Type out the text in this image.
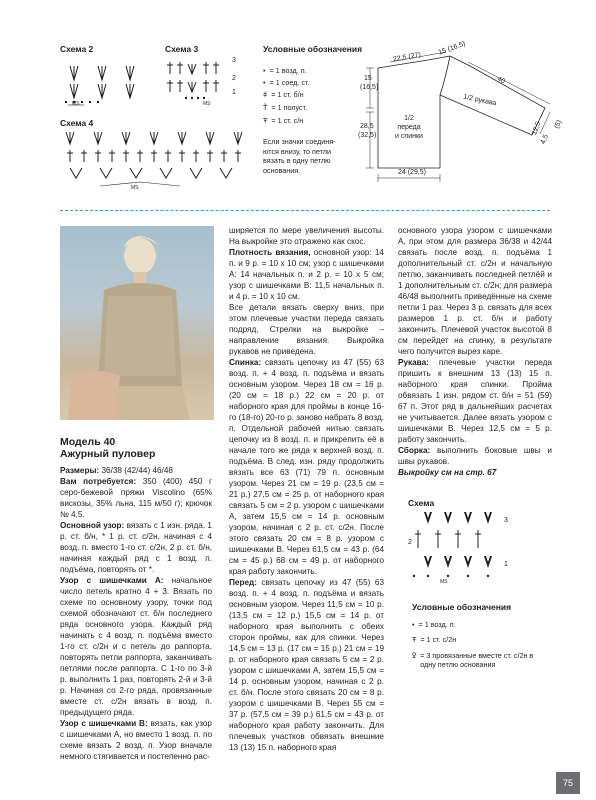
Схема 2	Схема 3
Схема 4
MS
3
2
1
MS
MS
Условные обозначения
• = 1 возд. п.
• = 1 соед. ст.
ǂ = 1 ст. б/н
Ť = 1 полуст.
Ŧ = 1 ст. с/н
Если значки соединя-ются внизу, то петли вязать в одну петлю основания.
15 (16,5)
22,5 (27)
40
15
(16,5)
28,5
(32,5)	12,5
4,5
(5)
1/2 рукава
1/2
переда
и спинки
24 (29,5)
Модель 40
Ажурный пуловер

Размеры: 36/38 (42/44) 46/48

Вам потребуется: 350 (400) 450 г серо-бежевой пряжи Viscolino (65% вискозы, 35% льна, 115 м/50 г); крючок № 4,5.

Основной узор: вязать с 1 изн. ряда. 1 р. ст. б/н, * 1 р. ст. с/2н, начиная с 4 возд. п. вместо 1-го ст. с/2н, 2 р. ст. б/н, начиная каждый ряд с 1 возд. п. подъёма, повторять от *.

Узор с шишечками А: начальное число петель кратно 4 + 3. Вязать по схеме по основному узору, точки под схемой обозначают ст. б/н последнего ряда основного узора. Каждый ряд начинать с 4 возд. п. подъёма вместо 1-го ст. с/2н и с петель до раппорта, повторять петли раппорта, заканчивать петлями после раппорта. С 1-го по 3-й р. выполнить 1 раз, повторять 2-й и 3-й р. Начиная со 2-го ряда, провязанные вместе ст. с/2н вязать в возд. п. предыдущего ряда.

Узор с шишечками В: вязать, как узор с шишечками А, но вместо 1 возд. п. по схеме вязать 2 возд. п. Узор вначале немного стягивается и постепенно рас-

ширяется по мере увеличения высоты. На выкройке это отражено как скос.

Плотность вязания, основной узор: 14 п. и 9 р. = 10 х 10 см; узор с шишечками А: 14 начальных п. и 2 р. = 10 х 5 см; узор с шишечками В: 11,5 начальных п. и 4 р. = 10 х 10 см.

Все детали вязать сверху вниз, при этом плечевые участки переда связать подряд. Стрелки на выкройке – направление вязания. Выкройка рукавов не приведена.

Спинка: связать цепочку из 47 (55) 63 возд. п. + 4 возд. п. подъёма и вязать основным узором. Через 18 см = 16 р. (20 см = 18 р.) 22 см = 20 р. от наборного края для проймы в конце 16-го (18-го) 20-го р. заново набрать 8 возд. п. Отдельной рабочей нитью связать цепочку из 8 возд. п. и прикрепить её в начале того же ряда к верхней возд. п. подъёма. В след. изн. ряду продолжить вязать все 63 (71) 79 п. основным узором. Через 21 см = 19 р. (23,5 см = 21 р.) 27,5 см = 25 р. от наборного края связать 5 см = 2 р. узором с шишечками А, затем 15,5 см = 14 р. основным узором, начиная с 2 р. ст. с/2н. После этого связать 20 см = 8 р. узором с шишечками В. Через 61,5 см = 43 р. (64 см = 45 р.) 68 см = 49 р. от наборного края работу закончить.

Перед: связать цепочку из 47 (55) 63 возд. п. + 4 возд. п. подъёма и вязать основным узором. Через 11,5 см = 10 р. (13,5 см = 12 р.) 15,5 см = 14 р. от наборного края выполнить с обеих сторон проймы, как для спинки. Через 14,5 см = 13 р. (17 см = 15 р.) 21 см = 19 р. от наборного края связать 5 см = 2 р. узором с шишечками А, затем 15,5 см = 14 р. основным узором, начиная с 2 р. ст. б/н. После этого связать 20 см = 8 р. узором с шишечками В. Через 55 см = 37 р. (57,5 см = 39 р.) 61,5 см = 43 р. от наборного края работу закончить. Для плечевых участков обвязать внешние 13 (13) 15 п. наборного края

основного узора узором с шишечками А, при этом для размера 36/38 и 42/44 связать после возд. п. подъёма 1 дополнительный ст. с/2н и начальную петлю, заканчивать последней петлёй и 1 дополнительным ст. с/2н; для размера 46/48 выполнить приведённые на схеме петли 1 раз. Через 3 р. связать для всех размеров 1 р. ст. б/н и работу закончить. Плечевой участок высотой 8 см перейдет на спинку, в результате чего получится вырез каре.

Рукава: плечевые участки переда пришить к внешним 13 (13) 15 п. наборного края спинки. Пройма обвязать 1 изн. рядом ст. б/н = 51 (59) 67 п. Этот ряд в дальнейших расчетах не учитывается. Далее вязать узором с шишечками В. Через 12,5 см = 5 р. работу закончить.

Сборка: выполнить боковые швы и швы рукавов.

Выкройку см на стр. 67

Схема
3
2
1
MS
Условные обозначения
• = 1 возд. п.
Ŧ = 1 ст. с/2н
ꝿ = 3 провязанные вместе ст. с/2н в одну петлю основания
75
